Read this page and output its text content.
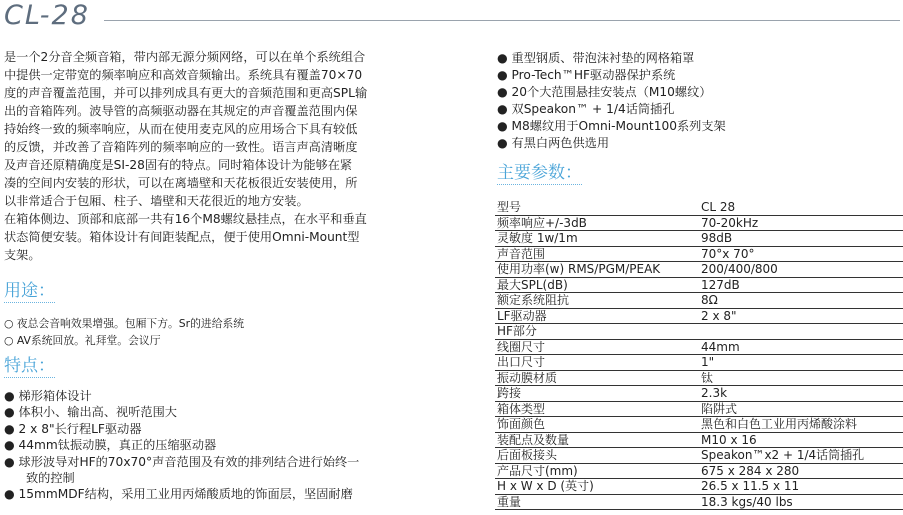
CL-28

是一个2分音全频音箱，带内部无源分频网络，可以在单个系统组合

中提供一定带宽的频率响应和高效音频输出。系统具有覆盖70×70

度的声音覆盖范围，并可以排列成具有更大的音频范围和更高SPL输

出的音箱阵列。波导管的高频驱动器在其规定的声音覆盖范围内保

持始终一致的频率响应，从而在使用麦克风的应用场合下具有较低

的反馈，并改善了音箱阵列的频率响应的一致性。语言声高清晰度

及声音还原精确度是SI-28固有的特点。同时箱体设计为能够在紧

凑的空间内安装的形状，可以在离墙壁和天花板很近安装使用，所

以非常适合于包厢、柱子、墙壁和天花很近的地方安装。

在箱体侧边、顶部和底部一共有16个M8螺纹悬挂点，在水平和垂直

状态简便安装。箱体设计有间距装配点，便于使用Omni-Mount型

支架。

用途：
○ 夜总会音响效果增强。包厢下方。Sr的进给系统
○ AV系统回放。礼拜堂。会议厅
特点：
● 梯形箱体设计
● 体积小、输出高、视听范围大
● 2 x 8"长行程LF驱动器
● 44mm钛振动膜，真正的压缩驱动器
● 球形波导对HF的70x70°声音范围及有效的排列结合进行始终一
致的控制
● 15mmMDF结构，采用工业用丙烯酸质地的饰面层，坚固耐磨
● 重型钢质、带泡沫衬垫的网格箱罩
● Pro-Tech™HF驱动器保护系统
● 20个大范围悬挂安装点（M10螺纹）
● 双Speakon™ + 1/4话筒插孔
● M8螺纹用于Omni-Mount100系列支架
● 有黑白两色供选用
主要参数：
型号	CL 28
频率响应+/-3dB	70-20kHz
灵敏度 1w/1m	98dB
声音范围	70°x 70°
使用功率(w) RMS/PGM/PEAK	200/400/800
最大SPL(dB)	127dB
额定系统阻抗	8Ω
LF驱动器	2 x 8"
HF部分	
线圈尺寸	44mm
出口尺寸	1"
振动膜材质	钛
跨接	2.3k
箱体类型	陷阱式
饰面颜色	黑色和白色工业用丙烯酸涂料
装配点及数量	M10 x 16
后面板接头	Speakon™x2 + 1/4话筒插孔
产品尺寸(mm)	675 x 284 x 280
H x W x D (英寸)	26.5 x 11.5 x 11
重量	18.3 kgs/40 lbs
